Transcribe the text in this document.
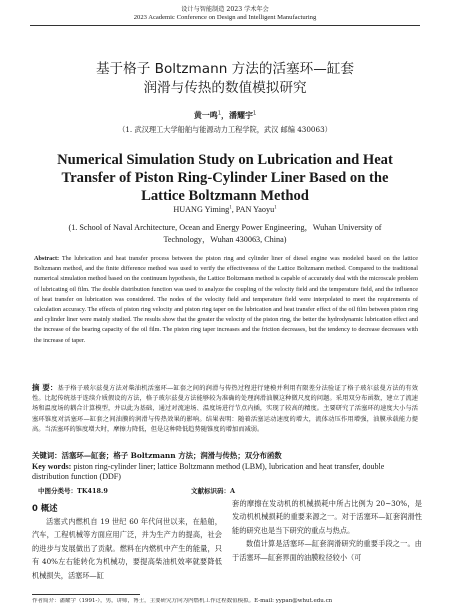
设计与智能制造 2023 学术年会
2023 Academic Conference on Design and Intelligent Manufacturing
基于格子 Boltzmann 方法的活塞环—缸套
润滑与传热的数值模拟研究
黄一鸣$^1$，潘耀宇$^1$
（1. 武汉理工大学船舶与能源动力工程学院，武汉 邮编 430063）
Numerical Simulation Study on Lubrication and Heat
Transfer of Piston Ring-Cylinder Liner Based on the
Lattice Boltzmann Method
HUANG Yiming$^1$, PAN Yaoyu$^1$
(1. School of Naval Architecture, Ocean and Energy Power Engineering，Wuhan University of
Technology，Wuhan 430063, China)
Abstract: The lubrication and heat transfer process between the piston ring and cylinder liner of diesel engine was modeled based on the lattice Boltzmann method, and the finite difference method was used to verify the effectiveness of the Lattice Boltzmann method. Compared to the traditional numerical simulation method based on the continuum hypothesis, the Lattice Boltzmann method is capable of accurately deal with the microscale problem of lubricating oil film. The double distribution function was used to analyze the coupling of the velocity field and the temperature field, and the influence of heat transfer on lubrication was considered. The nodes of the velocity field and temperature field were interpolated to meet the requirements of calculation accuracy. The effects of piston ring velocity and piston ring taper on the lubrication and heat transfer effect of the oil film between piston ring and cylinder liner were mainly studied. The results show that the greater the velocity of the piston ring, the better the hydrodynamic lubrication effect and the increase of the bearing capacity of the oil film. The piston ring taper increases and the friction decreases, but the tendency to decrease decreases with the increase of taper.
摘 要：基于格子玻尔兹曼方法对柴油机活塞环—缸套之间的润滑与传热过程进行建模并利用有限差分法验证了格子玻尔兹曼方法的有效性。比起传统基于连续介质假设的方法，格子玻尔兹曼方法能够较为准确的处理润滑油膜这种微尺度的问题。采用双分布函数，建立了流速场和温度场的耦合计算模型，并以此为基础，通过对流速场、温度场进行节点内插，实现了较高的精度。主要研究了活塞环的速度大小与活塞环锥度对活塞环—缸套之间油膜的润滑与传热效果的影响。结果表明：随着活塞运动速度的增大，流体动压作用增强，油膜承载能力提高。当活塞环的锥度增大时，摩擦力降低，但是这种降低趋势随锥度的增加而减弱。
关键词：活塞环—缸套；格子 Boltzmann 方法；润滑与传热；双分布函数
Key words: piston ring-cylinder liner; lattice Boltzmann method (LBM), lubrication and heat transfer, double distribution function (DDF)
中图分类号：TK418.9	文献标识码：A
0 概述
活塞式内燃机自 19 世纪 60 年代问世以来，在船舶，汽车，工程机械等方面应用广泛，并为生产力的提高，社会的进步与发展做出了贡献。燃料在内燃机中产生的能量，只有 40%左右能转化为机械功，要提高柴油机效率就要降低机械损失，活塞环—缸
套的摩擦在发动机的机械损耗中所占比例为 20~30%，是发动机机械损耗的重要来源之一。对于活塞环—缸套润滑性能的研究也是当下研究的重点与热点。
数值计算是活塞环—缸套润滑研究的重要手段之一。由于活塞环—缸套界面的油膜粒径较小（可
作者简介：潘耀宇（1991-），男，讲师，博士，主要研究方向为内燃机工作过程数值模拟。E-mail: yypan@whut.edu.cn
